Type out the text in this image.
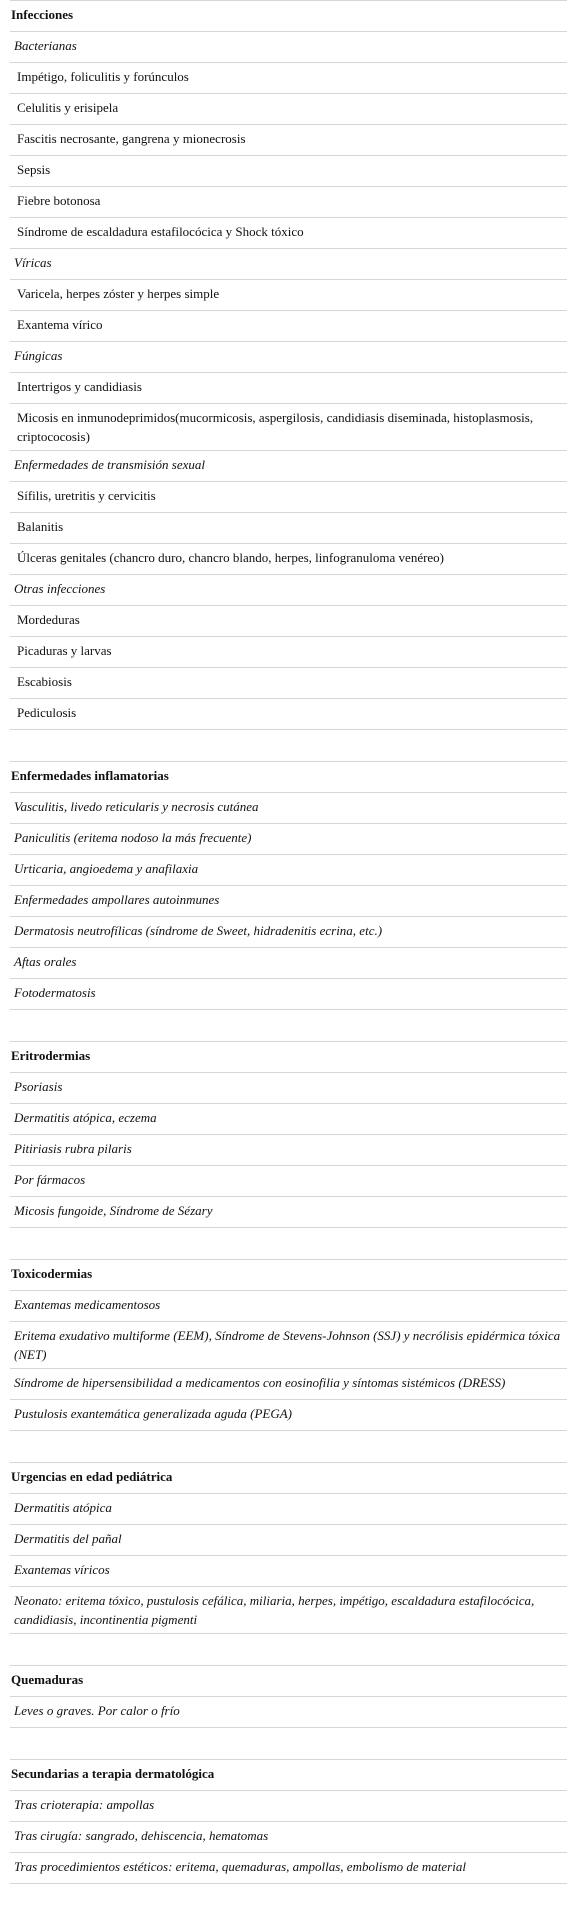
Infecciones
Bacterianas
Impétigo, foliculitis y forúnculos
Celulitis y erisipela
Fascitis necrosante, gangrena y mionecrosis
Sepsis
Fiebre botonosa
Síndrome de escaldadura estafilocócica y Shock tóxico
Víricas
Varicela, herpes zóster y herpes simple
Exantema vírico
Fúngicas
Intertrigos y candidiasis
Micosis en inmunodeprimidos(mucormicosis, aspergilosis, candidiasis diseminada, histoplasmosis, criptococosis)
Enfermedades de transmisión sexual
Sífilis, uretritis y cervicitis
Balanitis
Úlceras genitales (chancro duro, chancro blando, herpes, linfogranuloma venéreo)
Otras infecciones
Mordeduras
Picaduras y larvas
Escabiosis
Pediculosis

Enfermedades inflamatorias
Vasculitis, livedo reticularis y necrosis cutánea
Paniculitis (eritema nodoso la más frecuente)
Urticaria, angioedema y anafilaxia
Enfermedades ampollares autoinmunes
Dermatosis neutrofílicas (síndrome de Sweet, hidradenitis ecrina, etc.)
Aftas orales
Fotodermatosis

Eritrodermias
Psoriasis
Dermatitis atópica, eczema
Pitiriasis rubra pilaris
Por fármacos
Micosis fungoide, Síndrome de Sézary

Toxicodermias
Exantemas medicamentosos
Eritema exudativo multiforme (EEM), Síndrome de Stevens-Johnson (SSJ) y necrólisis epidérmica tóxica (NET)
Síndrome de hipersensibilidad a medicamentos con eosinofilia y síntomas sistémicos (DRESS)
Pustulosis exantemática generalizada aguda (PEGA)

Urgencias en edad pediátrica
Dermatitis atópica
Dermatitis del pañal
Exantemas víricos
Neonato: eritema tóxico, pustulosis cefálica, miliaria, herpes, impétigo, escaldadura estafilocócica, candidiasis, incontinentia pigmenti

Quemaduras
Leves o graves. Por calor o frío

Secundarias a terapia dermatológica
Tras crioterapia: ampollas
Tras cirugía: sangrado, dehiscencia, hematomas
Tras procedimientos estéticos: eritema, quemaduras, ampollas, embolismo de material
